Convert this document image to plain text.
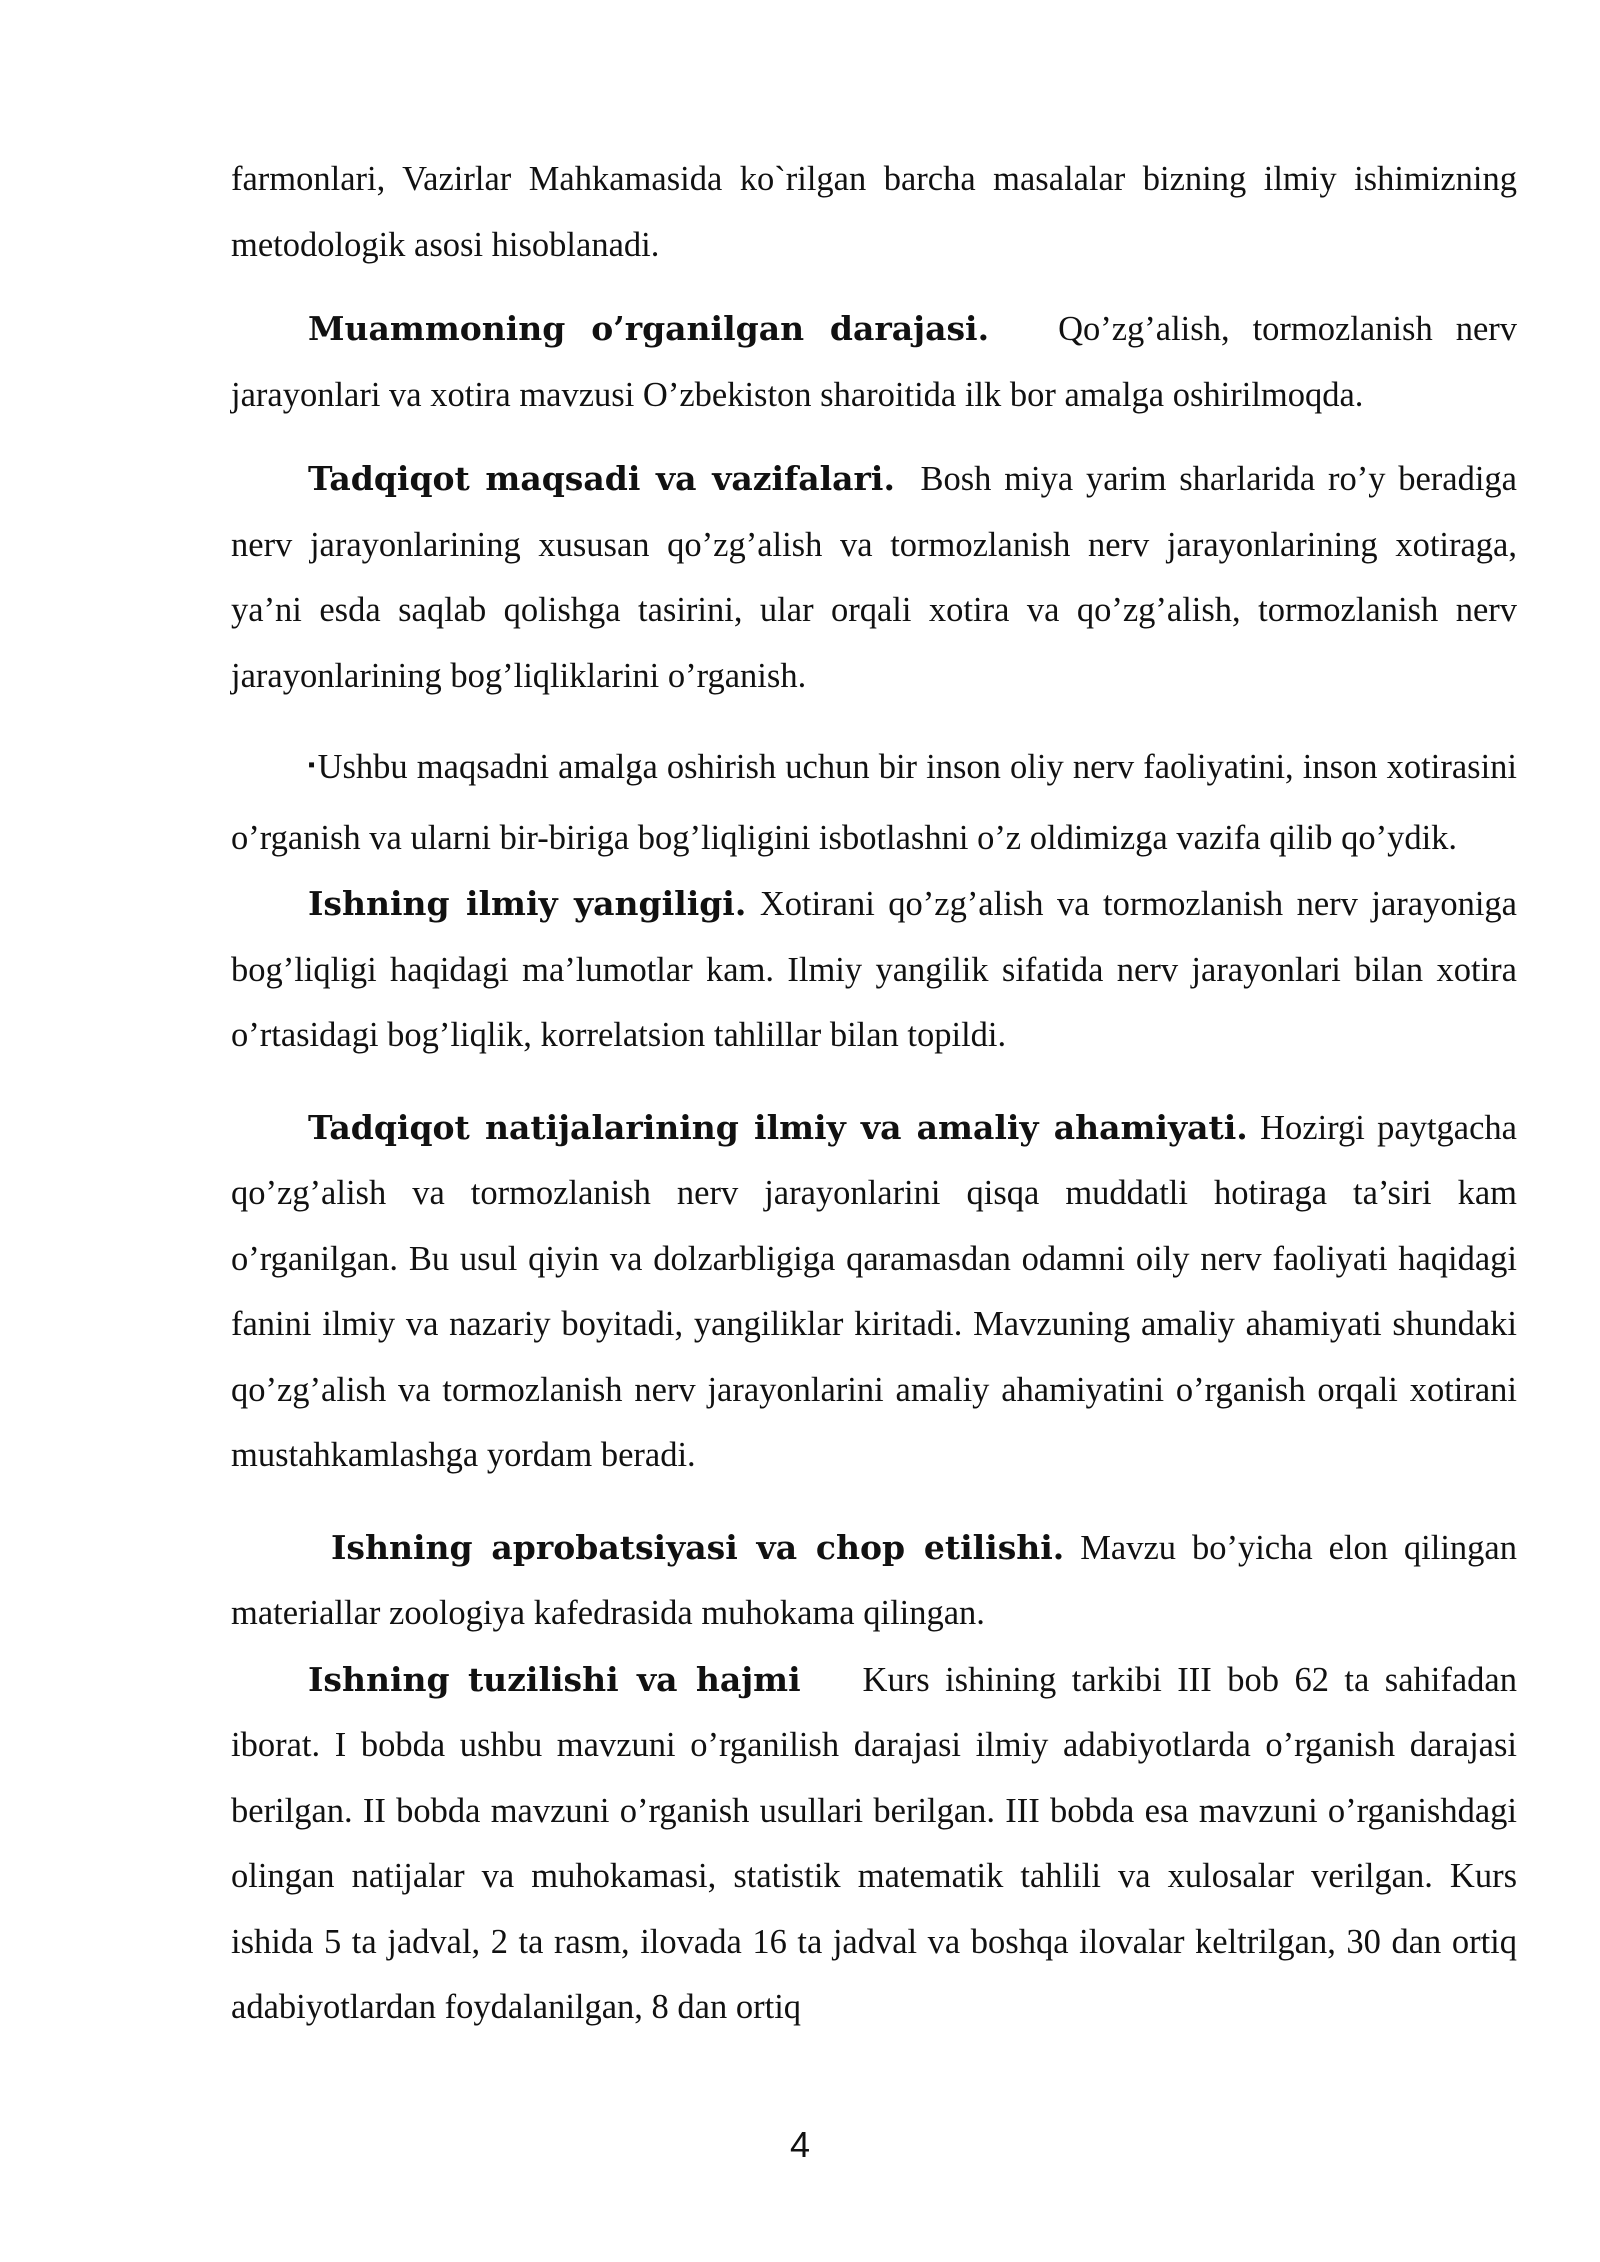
farmonlari, Vazirlar Mahkamasida ko`rilgan barcha masalalar bizning ilmiy ishimizning metodologik asosi hisoblanadi.

Muammoning o’rganilgan darajasi. Qo’zg’alish, tormozlanish nerv jarayonlari va xotira mavzusi O’zbekiston sharoitida ilk bor amalga oshirilmoqda.

Tadqiqot maqsadi va vazifalari. Bosh miya yarim sharlarida ro’y beradiga nerv jarayonlarining xususan qo’zg’alish va tormozlanish nerv jarayonlarining xotiraga, ya’ni esda saqlab qolishga tasirini, ular orqali xotira va qo’zg’alish, tormozlanish nerv jarayonlarining bog’liqliklarini o’rganish.

▪Ushbu maqsadni amalga oshirish uchun bir inson oliy nerv faoliyatini, inson xotirasini o’rganish va ularni bir-biriga bog’liqligini isbotlashni o’z oldimizga vazifa qilib qo’ydik.

Ishning ilmiy yangiligi. Xotirani qo’zg’alish va tormozlanish nerv jarayoniga bog’liqligi haqidagi ma’lumotlar kam. Ilmiy yangilik sifatida nerv jarayonlari bilan xotira o’rtasidagi bog’liqlik, korrelatsion tahlillar bilan topildi.

Tadqiqot natijalarining ilmiy va amaliy ahamiyati. Hozirgi paytgacha qo’zg’alish va tormozlanish nerv jarayonlarini qisqa muddatli hotiraga ta’siri kam o’rganilgan. Bu usul qiyin va dolzarbligiga qaramasdan odamni oily nerv faoliyati haqidagi fanini ilmiy va nazariy boyitadi, yangiliklar kiritadi. Mavzuning amaliy ahamiyati shundaki qo’zg’alish va tormozlanish nerv jarayonlarini amaliy ahamiyatini o’rganish orqali xotirani mustahkamlashga yordam beradi.

Ishning aprobatsiyasi va chop etilishi. Mavzu bo’yicha elon qilingan materiallar zoologiya kafedrasida muhokama qilingan.

Ishning tuzilishi va hajmi Kurs ishining tarkibi III bob 62 ta sahifadan iborat. I bobda ushbu mavzuni o’rganilish darajasi ilmiy adabiyotlarda o’rganish darajasi berilgan. II bobda mavzuni o’rganish usullari berilgan. III bobda esa mavzuni o’rganishdagi olingan natijalar va muhokamasi, statistik matematik tahlili va xulosalar verilgan. Kurs ishida 5 ta jadval, 2 ta rasm, ilovada 16 ta jadval va boshqa ilovalar keltrilgan, 30 dan ortiq adabiyotlardan foydalanilgan, 8 dan ortiq

4
